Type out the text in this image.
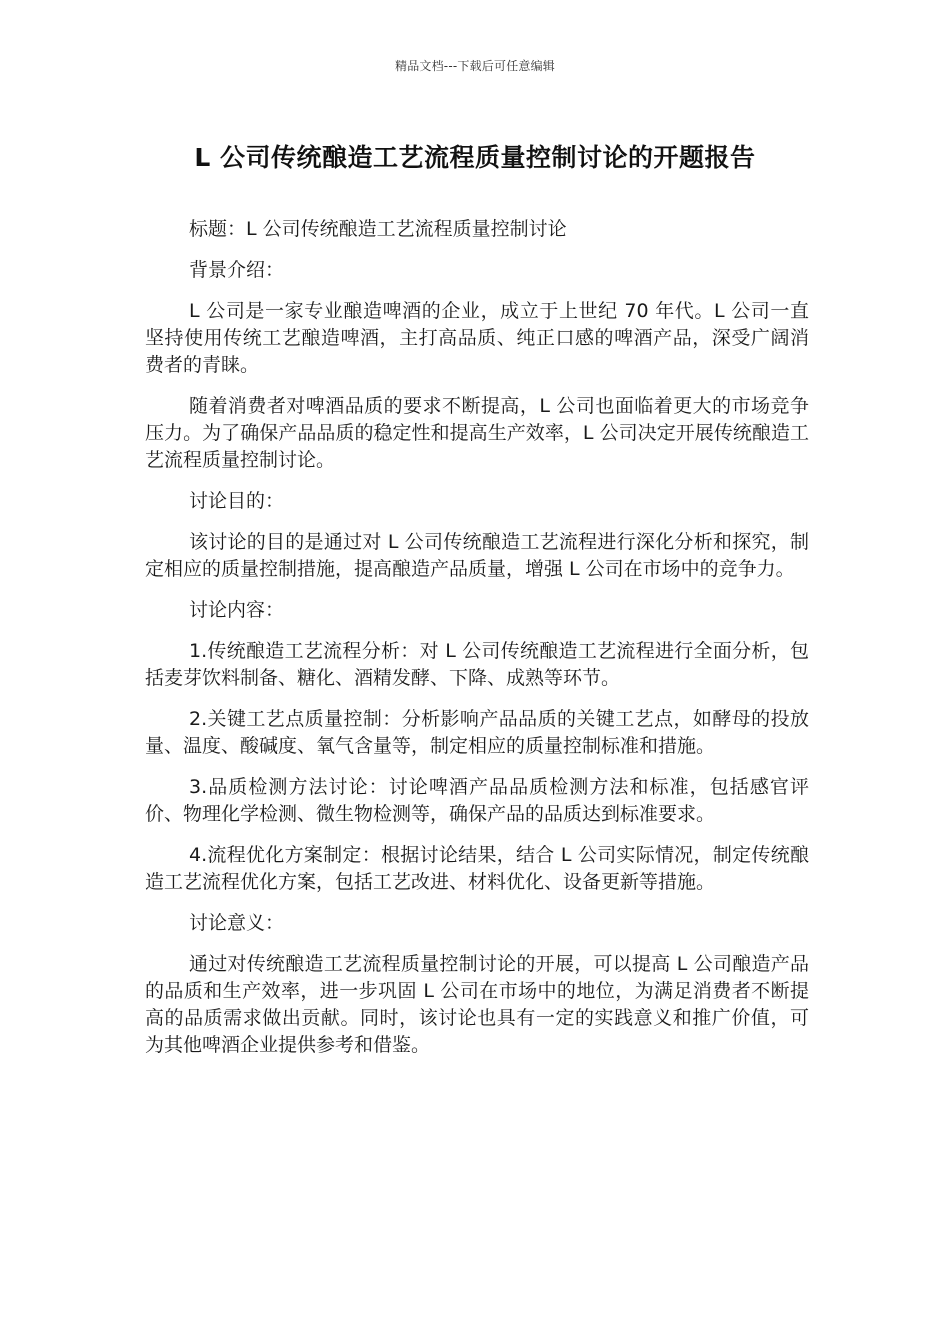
精品文档---下载后可任意编辑
L 公司传统酿造工艺流程质量控制讨论的开题报告

标题：L 公司传统酿造工艺流程质量控制讨论

背景介绍：

L 公司是一家专业酿造啤酒的企业，成立于上世纪 70 年代。L 公司一直坚持使用传统工艺酿造啤酒，主打高品质、纯正口感的啤酒产品，深受广阔消费者的青睐。

随着消费者对啤酒品质的要求不断提高，L 公司也面临着更大的市场竞争压力。为了确保产品品质的稳定性和提高生产效率，L 公司决定开展传统酿造工艺流程质量控制讨论。

讨论目的：

该讨论的目的是通过对 L 公司传统酿造工艺流程进行深化分析和探究，制定相应的质量控制措施，提高酿造产品质量，增强 L 公司在市场中的竞争力。

讨论内容：

1.传统酿造工艺流程分析：对 L 公司传统酿造工艺流程进行全面分析，包括麦芽饮料制备、糖化、酒精发酵、下降、成熟等环节。

2.关键工艺点质量控制：分析影响产品品质的关键工艺点，如酵母的投放量、温度、酸碱度、氧气含量等，制定相应的质量控制标准和措施。

3.品质检测方法讨论：讨论啤酒产品品质检测方法和标准，包括感官评价、物理化学检测、微生物检测等，确保产品的品质达到标准要求。

4.流程优化方案制定：根据讨论结果，结合 L 公司实际情况，制定传统酿造工艺流程优化方案，包括工艺改进、材料优化、设备更新等措施。

讨论意义：

通过对传统酿造工艺流程质量控制讨论的开展，可以提高 L 公司酿造产品的品质和生产效率，进一步巩固 L 公司在市场中的地位，为满足消费者不断提高的品质需求做出贡献。同时，该讨论也具有一定的实践意义和推广价值，可为其他啤酒企业提供参考和借鉴。
